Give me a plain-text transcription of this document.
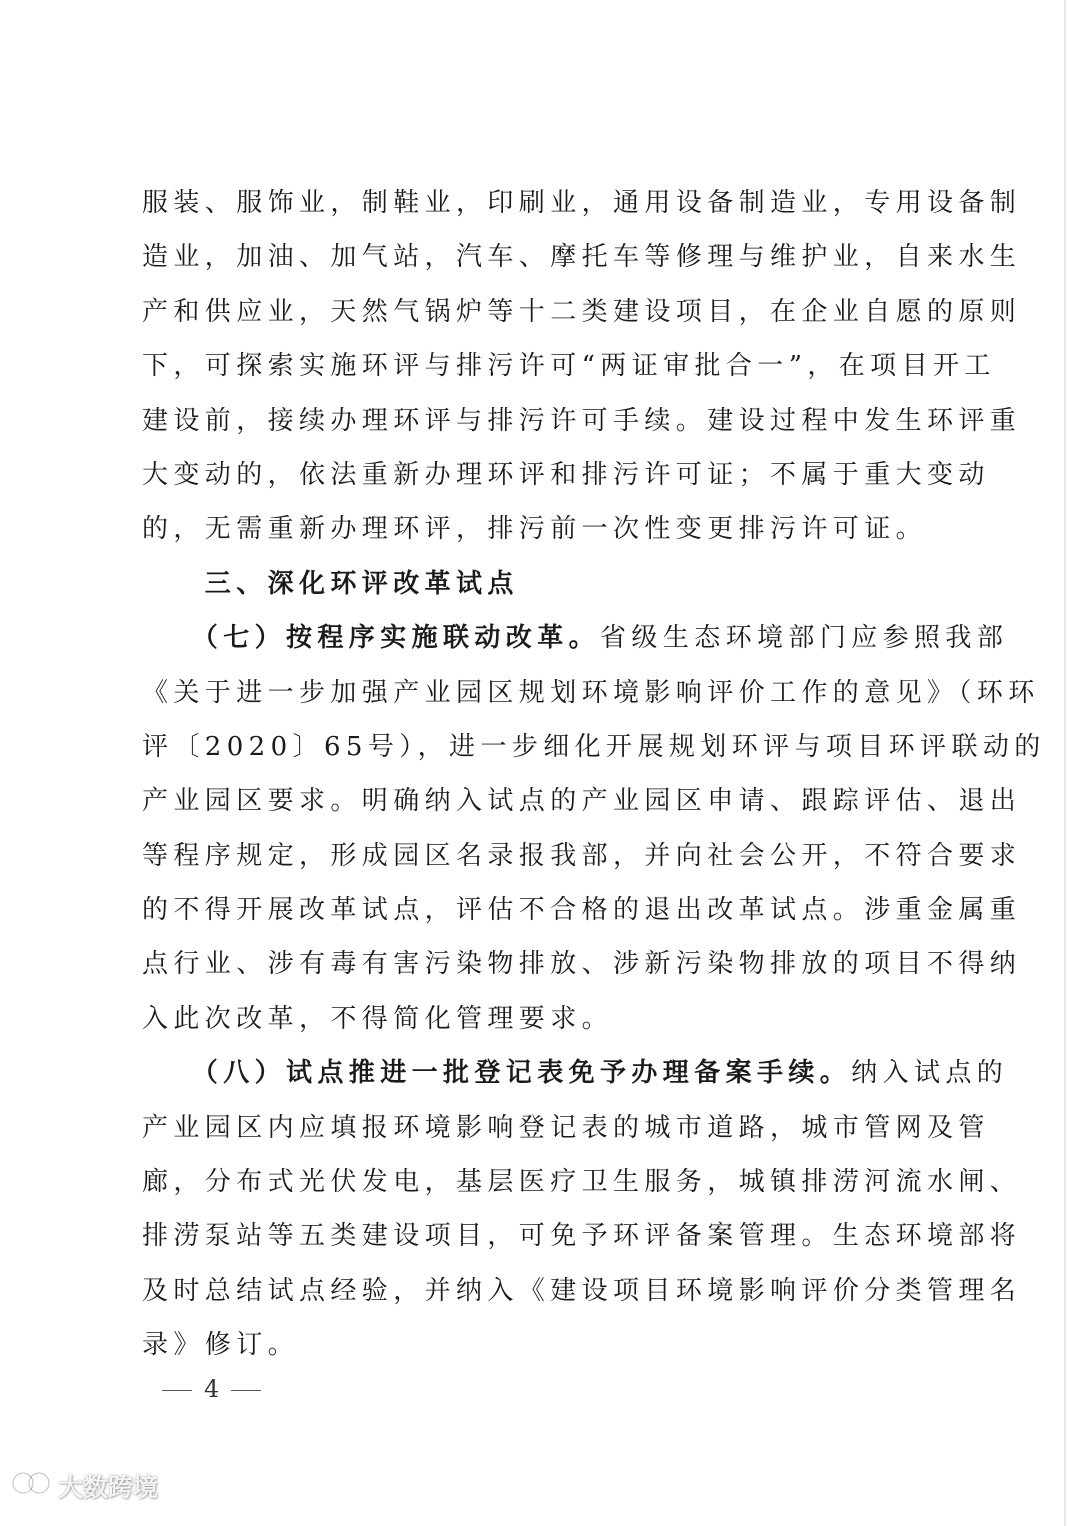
服装、服饰业，制鞋业，印刷业，通用设备制造业，专用设备制
造业，加油、加气站，汽车、摩托车等修理与维护业，自来水生
产和供应业，天然气锅炉等十二类建设项目，在企业自愿的原则
下，可探索实施环评与排污许可“两证审批合一”，在项目开工
建设前，接续办理环评与排污许可手续。建设过程中发生环评重
大变动的，依法重新办理环评和排污许可证；不属于重大变动
的，无需重新办理环评，排污前一次性变更排污许可证。
　　三、深化环评改革试点
　　（七）按程序实施联动改革。省级生态环境部门应参照我部
《关于进一步加强产业园区规划环境影响评价工作的意见》（环环
评〔2020〕65号），进一步细化开展规划环评与项目环评联动的
产业园区要求。明确纳入试点的产业园区申请、跟踪评估、退出
等程序规定，形成园区名录报我部，并向社会公开，不符合要求
的不得开展改革试点，评估不合格的退出改革试点。涉重金属重
点行业、涉有毒有害污染物排放、涉新污染物排放的项目不得纳
入此次改革，不得简化管理要求。
　　（八）试点推进一批登记表免予办理备案手续。纳入试点的
产业园区内应填报环境影响登记表的城市道路，城市管网及管
廊，分布式光伏发电，基层医疗卫生服务，城镇排涝河流水闸、
排涝泵站等五类建设项目，可免予环评备案管理。生态环境部将
及时总结试点经验，并纳入《建设项目环境影响评价分类管理名
录》修订。
4
大数跨境
